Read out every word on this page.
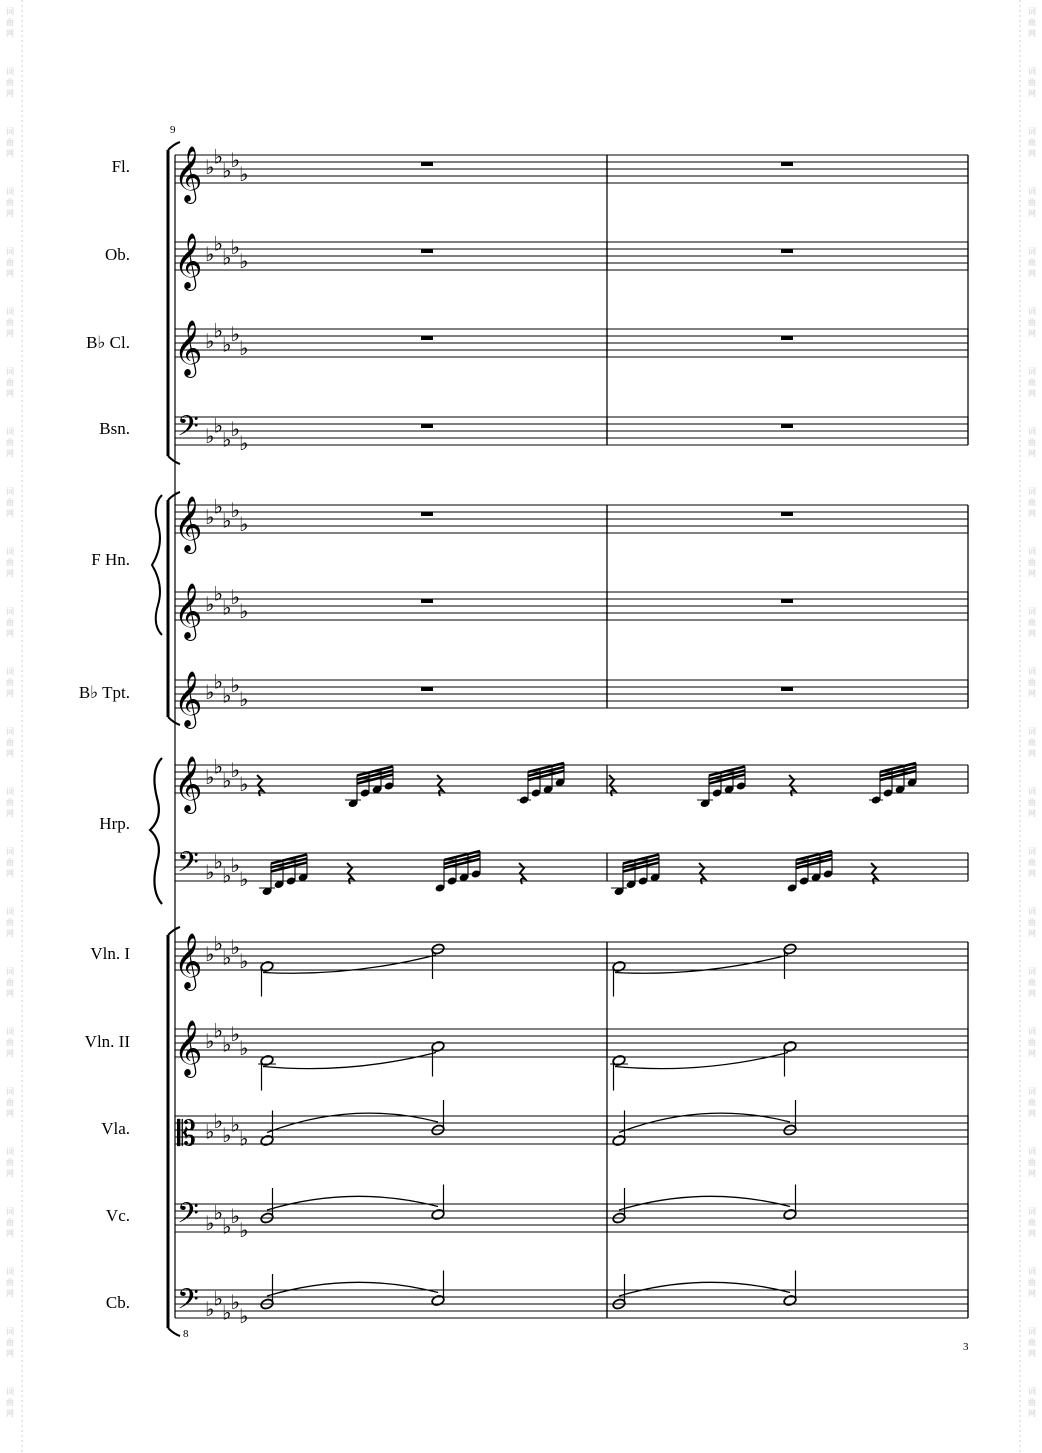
词
曲
网
词
曲
网
词
曲
网
词
曲
网
词
曲
网
词
曲
网
词
曲
网
词
曲
网
词
曲
网
词
曲
网
词
曲
网
词
曲
网
词
曲
网
词
曲
网
词
曲
网
词
曲
网
词
曲
网
词
曲
网
词
曲
网
词
曲
网
词
曲
网
词
曲
网
词
曲
网
词
曲
网
词
曲
网
词
曲
网
词
曲
网
词
曲
网
词
曲
网
词
曲
网
词
曲
网
词
曲
网
词
曲
网
词
曲
网
词
曲
网
词
曲
网
词
曲
网
词
曲
网
词
曲
网
词
曲
网
词
曲
网
词
曲
网
词
曲
网
词
曲
网
词
曲
网
词
曲
网
词
曲
网
词
曲
网
9
𝄞 ♭ ♭
♭ ♭
♭
𝄞 ♭ ♭
♭ ♭
♭
𝄞 ♭ ♭
♭ ♭
♭
𝄢 ♭ ♭
♭ ♭
♭
𝄞 ♭ ♭
♭ ♭
♭
𝄞 ♭ ♭
♭ ♭
♭
𝄞 ♭ ♭
♭ ♭
♭
𝄞 ♭ ♭
♭ ♭
♭
𝄢 ♭ ♭
♭ ♭
♭
𝄞 ♭ ♭
♭ ♭
♭
𝄞 ♭ ♭
♭ ♭
♭
𝄡 ♭ ♭
♭ ♭
♭
𝄢 ♭ ♭
♭ ♭
♭
𝄢 ♭ ♭
♭ ♭
♭
Fl.
Ob.
B♭ Cl.
Bsn.
F Hn.
B♭ Tpt.
Hrp.
Vln. I
Vln. II
Vla.
Vc.
Cb.
8
3
